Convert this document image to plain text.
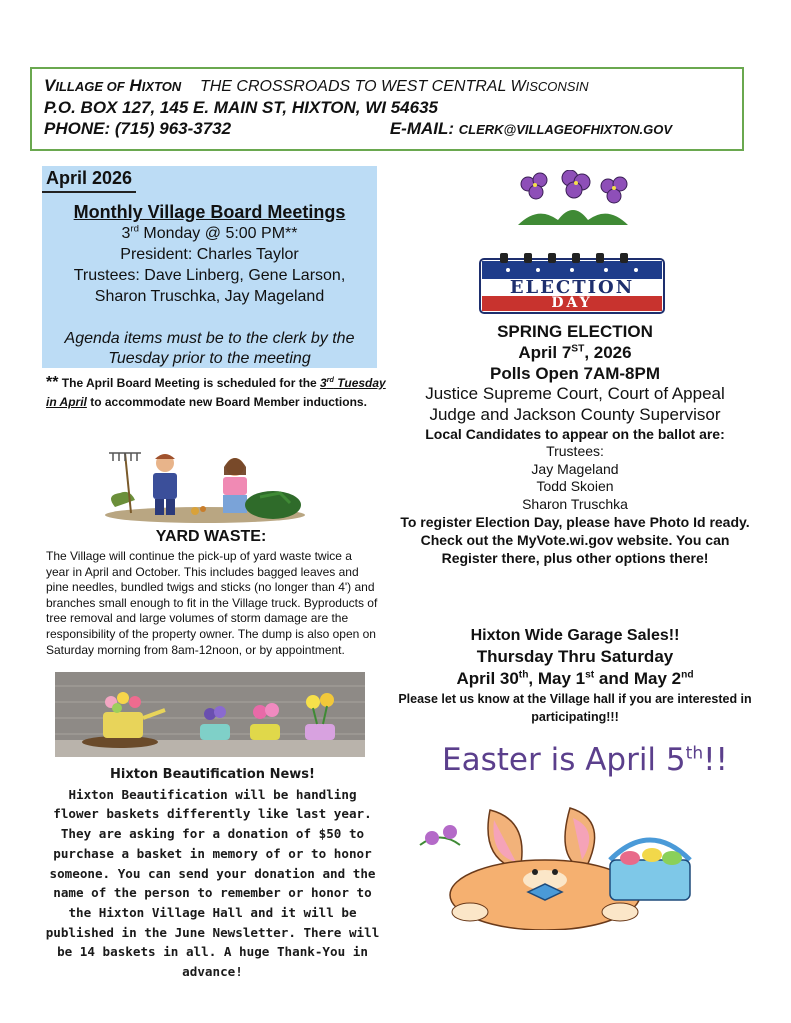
VILLAGE OF HIXTON THE CROSSROADS TO WEST CENTRAL WISCONSIN
P.O. BOX 127, 145 E. MAIN ST, HIXTON, WI 54635
PHONE: (715) 963-3732	E-MAIL: CLERK@VILLAGEOFHIXTON.GOV
April 2026
Monthly Village Board Meetings
3rd Monday @ 5:00 PM**
President: Charles Taylor
Trustees: Dave Linberg, Gene Larson,
Sharon Truschka, Jay Mageland
Agenda items must be to the clerk by the Tuesday prior to the meeting
** The April Board Meeting is scheduled for the 3rd Tuesday in April to accommodate new Board Member inductions.
YARD WASTE:
The Village will continue the pick-up of yard waste twice a year in April and October. This includes bagged leaves and pine needles, bundled twigs and sticks (no longer than 4') and branches small enough to fit in the Village truck. Byproducts of tree removal and large volumes of storm damage are the responsibility of the property owner. The dump is also open on Saturday morning from 8am-12noon, or by appointment.
Hixton Beautification News!
Hixton Beautification will be handling flower baskets differently like last year. They are asking for a donation of $50 to purchase a basket in memory of or to honor someone. You can send your donation and the name of the person to remember or honor to the Hixton Village Hall and it will be published in the June Newsletter. There will be 14 baskets in all. A huge Thank-You in advance!
ELECTION
DAY
SPRING ELECTION
April 7ST, 2026
Polls Open 7AM-8PM
Justice Supreme Court, Court of Appeal
Judge and Jackson County Supervisor
Local Candidates to appear on the ballot are:
Trustees:
Jay Mageland
Todd Skoien
Sharon Truschka
To register Election Day, please have Photo Id ready. Check out the MyVote.wi.gov website. You can Register there, plus other options there!
Hixton Wide Garage Sales!!
Thursday Thru Saturday
April 30th, May 1st and May 2nd
Please let us know at the Village hall if you are interested in participating!!!
Easter is April 5th!!
